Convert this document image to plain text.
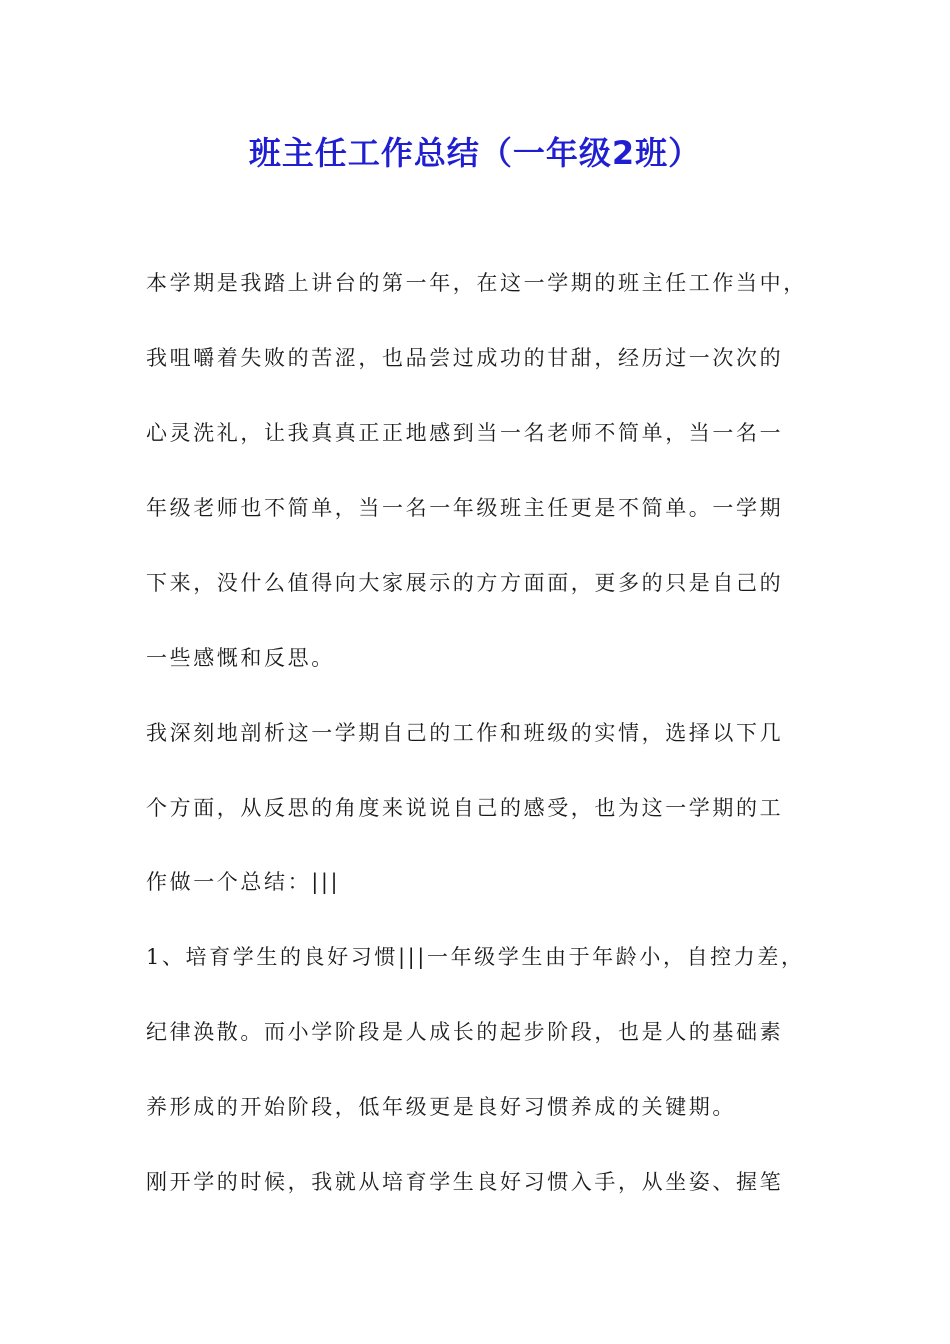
班主任工作总结（一年级2班）
本学期是我踏上讲台的第一年，在这一学期的班主任工作当中，
我咀嚼着失败的苦涩，也品尝过成功的甘甜，经历过一次次的
心灵洗礼，让我真真正正地感到当一名老师不简单，当一名一
年级老师也不简单，当一名一年级班主任更是不简单。一学期
下来，没什么值得向大家展示的方方面面，更多的只是自己的
一些感慨和反思。
我深刻地剖析这一学期自己的工作和班级的实情，选择以下几
个方面，从反思的角度来说说自己的感受，也为这一学期的工
作做一个总结：|||
1、培育学生的良好习惯|||一年级学生由于年龄小，自控力差，
纪律涣散。而小学阶段是人成长的起步阶段，也是人的基础素
养形成的开始阶段，低年级更是良好习惯养成的关键期。
刚开学的时候，我就从培育学生良好习惯入手，从坐姿、握笔
